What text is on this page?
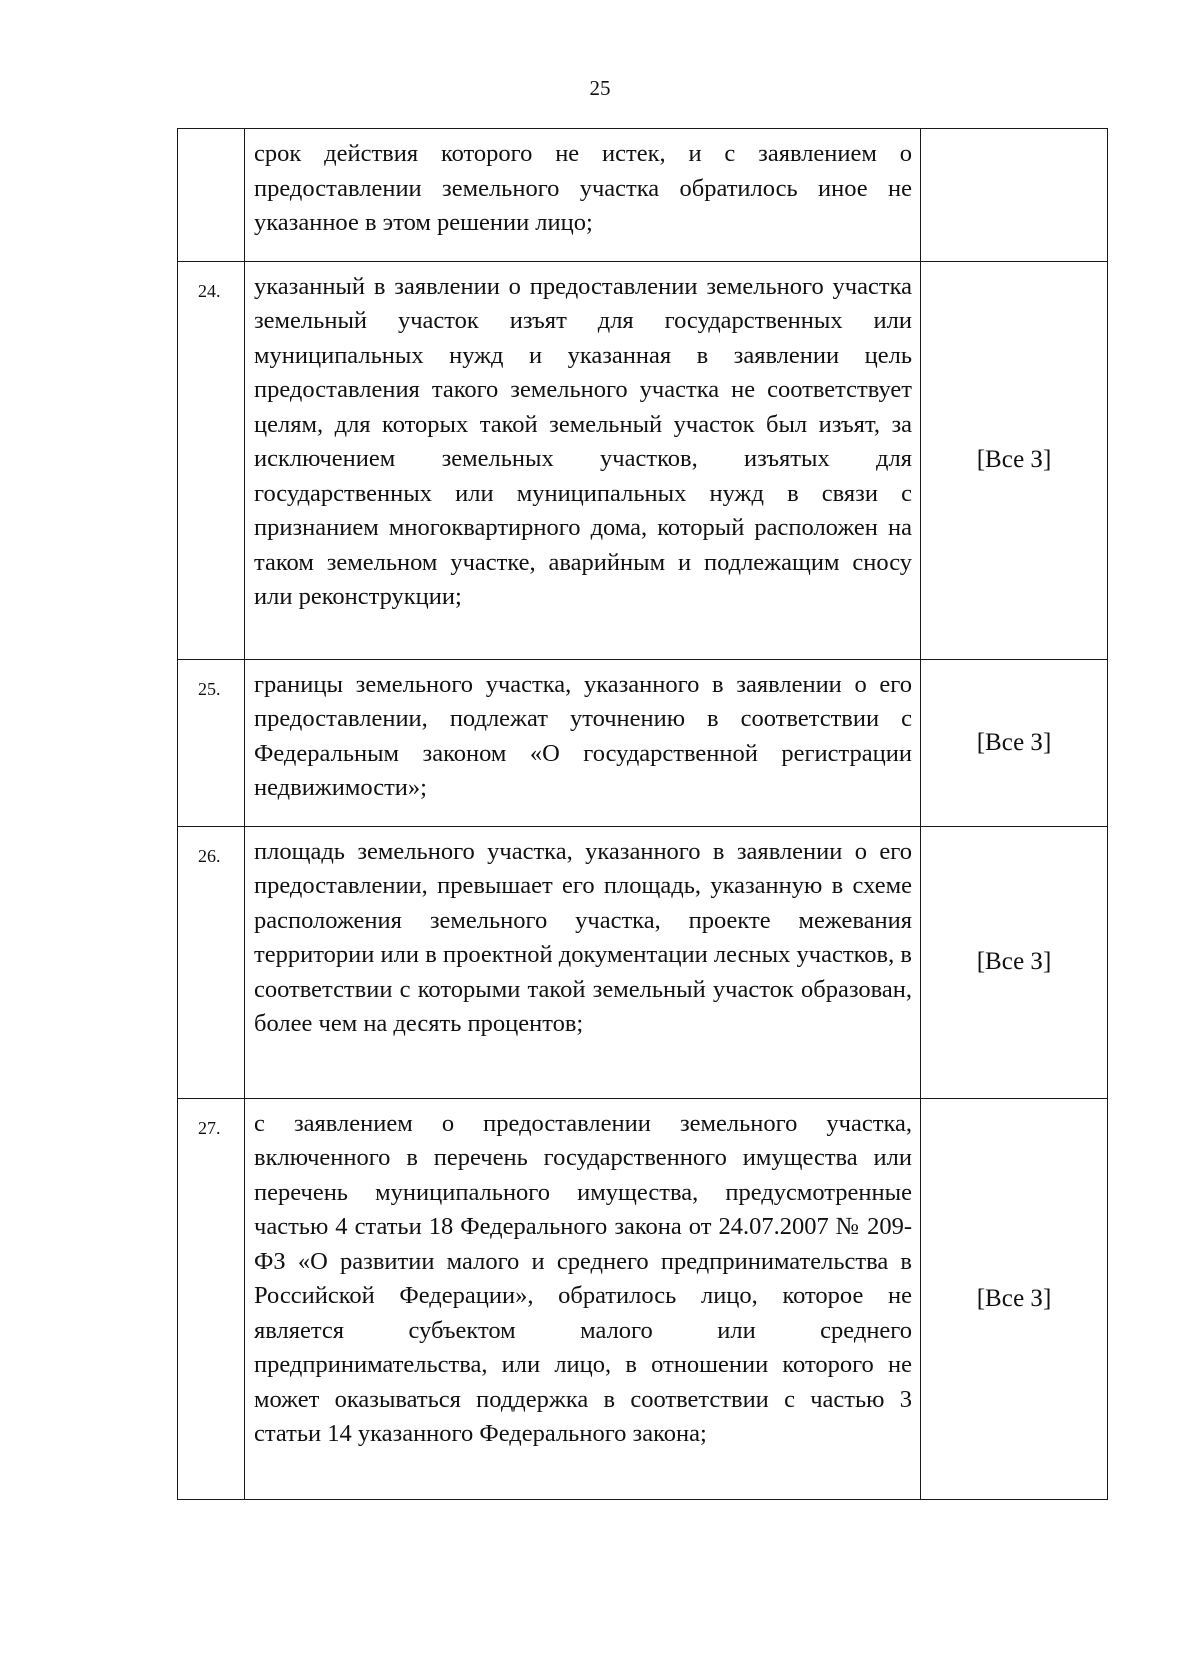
25
	срок действия которого не истек, и с заявлением о предоставлении земельного участка обратилось иное не указанное в этом решении лицо;	
24.	указанный в заявлении о предоставлении земельного участка земельный участок изъят для государственных или муниципальных нужд и указанная в заявлении цель предоставления такого земельного участка не соответствует целям, для которых такой земельный участок был изъят, за исключением земельных участков, изъятых для государственных или муниципальных нужд в связи с признанием многоквартирного дома, который расположен на таком земельном участке, аварийным и подлежащим сносу или реконструкции;	[Все З]
25.	границы земельного участка, указанного в заявлении о его предоставлении, подлежат уточнению в соответствии с Федеральным законом «О государственной регистрации недвижимости»;	[Все З]
26.	площадь земельного участка, указанного в заявлении о его предоставлении, превышает его площадь, указанную в схеме расположения земельного участка, проекте межевания территории или в проектной документации лесных участков, в соответствии с которыми такой земельный участок образован, более чем на десять процентов;	[Все З]
27.	с заявлением о предоставлении земельного участка, включенного в перечень государственного имущества или перечень муниципального имущества, предусмотренные частью 4 статьи 18 Федерального закона от 24.07.2007 № 209-ФЗ «О развитии малого и среднего предпринимательства в Российской Федерации», обратилось лицо, которое не является субъектом малого или среднего предпринимательства, или лицо, в отношении которого не может оказываться поддержка в соответствии с частью 3 статьи 14 указанного Федерального закона;	[Все З]
